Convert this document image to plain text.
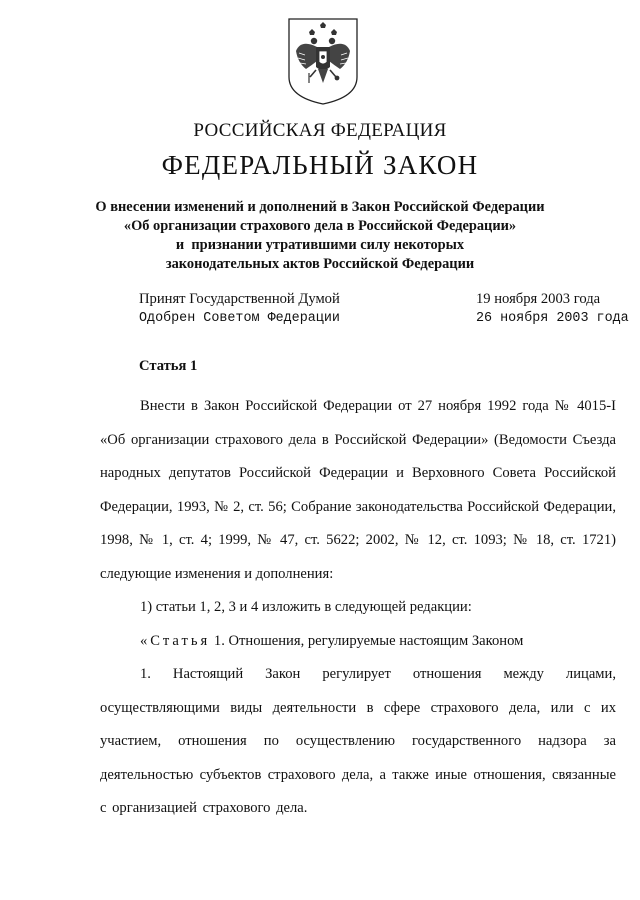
РОССИЙСКАЯ ФЕДЕРАЦИЯ
ФЕДЕРАЛЬНЫЙ ЗАКОН
О внесении изменений и дополнений в Закон Российской Федерации
«Об организации страхового дела в Российской Федерации»
и  признании утратившими силу некоторых
законодательных актов Российской Федерации
Принят Государственной Думой	19 ноября 2003 года
Одобрен Советом Федерации	26 ноября 2003 года
Статья 1

Внести в Закон Российской Федерации от 27 ноября 1992 года № 4015-I «Об организации страхового дела в Российской Федерации» (Ведомости Съезда народных депутатов Российской Федерации и Верховного Совета Российской Федерации, 1993, № 2, ст. 56; Собрание законодательства Российской Федерации, 1998, № 1, ст. 4; 1999, № 47, ст. 5622; 2002, № 12, ст. 1093; № 18, ст. 1721) следующие изменения и дополнения:

1) статьи 1, 2, 3 и 4 изложить в следующей редакции:

«Статья 1. Отношения, регулируемые настоящим Законом

1. Настоящий Закон регулирует отношения между лицами, осуществляющими виды деятельности в сфере страхового дела, или с их участием, отношения по осуществлению государственного надзора за деятельностью субъектов страхового дела, а также иные отношения, связанные с организацией страхового дела.
